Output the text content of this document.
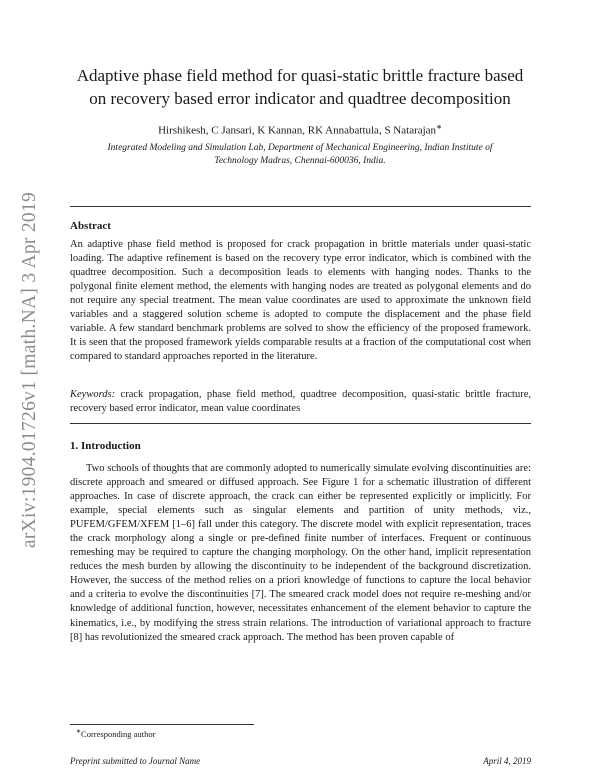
arXiv:1904.01726v1 [math.NA] 3 Apr 2019
Adaptive phase field method for quasi-static brittle fracture based
on recovery based error indicator and quadtree decomposition
Hirshikesh, C Jansari, K Kannan, RK Annabattula, S Natarajan∗
Integrated Modeling and Simulation Lab, Department of Mechanical Engineering, Indian Institute of
Technology Madras, Chennai-600036, India.
Abstract
An adaptive phase field method is proposed for crack propagation in brittle materials under quasi-static loading. The adaptive refinement is based on the recovery type error indicator, which is combined with the quadtree decomposition. Such a decomposition leads to elements with hanging nodes. Thanks to the polygonal finite element method, the elements with hanging nodes are treated as polygonal elements and do not require any special treatment. The mean value coordinates are used to approximate the unknown field variables and a staggered solution scheme is adopted to compute the displacement and the phase field variable. A few standard benchmark problems are solved to show the efficiency of the proposed framework. It is seen that the proposed framework yields comparable results at a fraction of the computational cost when compared to standard approaches reported in the literature.
Keywords: crack propagation, phase field method, quadtree decomposition, quasi-static brittle fracture, recovery based error indicator, mean value coordinates
1. Introduction
Two schools of thoughts that are commonly adopted to numerically simulate evolving discontinuities are: discrete approach and smeared or diffused approach. See Figure 1 for a schematic illustration of different approaches. In case of discrete approach, the crack can either be represented explicitly or implicitly. For example, special elements such as singular elements and partition of unity methods, viz., PUFEM/GFEM/XFEM [1–6] fall under this category. The discrete model with explicit representation, traces the crack morphology along a single or pre-defined finite number of interfaces. Frequent or continuous remeshing may be required to capture the changing morphology. On the other hand, implicit representation reduces the mesh burden by allowing the discontinuity to be independent of the background discretization. However, the success of the method relies on a priori knowledge of functions to capture the local behavior and a criteria to evolve the discontinuities [7]. The smeared crack model does not require re-meshing and/or knowledge of additional function, however, necessitates enhancement of the element behavior to capture the kinematics, i.e., by modifying the stress strain relations. The introduction of variational approach to fracture [8] has revolutionized the smeared crack approach. The method has been proven capable of
∗Corresponding author
Preprint submitted to Journal Name	April 4, 2019
